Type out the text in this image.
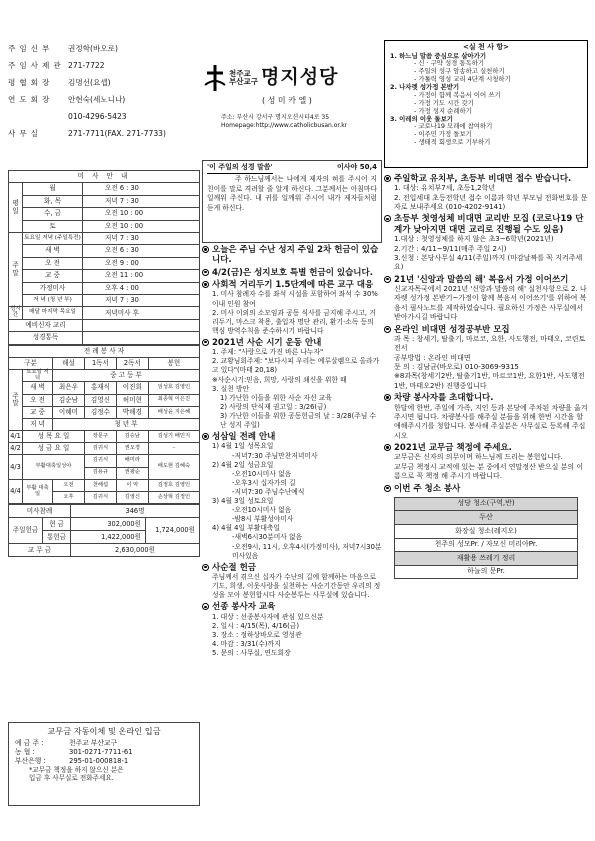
주임신부	권정학(바오로)
주임사제관 271-7722
평협회장	김명선(요셉)
연도회장	안현숙(세노니나)
010-4296-5423
사무실	271-7711(FAX. 271-7733)
천주교
부산교구 명지성당
( 성 미 카 엘 )
주소: 부산시 강서구 명지오션시티4로 35
Homepage:http://www.catholicbusan.or.kr
<실 천 사 항>
1. 하느님 말씀 중심으로 살아가기
- 신 · 구약 성경 통독하기
- 주일의 성구 암송하고 실천하기
- 가톨릭 영성 교리 4단계 시청하기
2. 나자렛 성가정 본받기
- 가정이 함께 복음서 이어 쓰기
- 가정 기도 시간 갖기
- 가정 성지 순례하기
3. 이레의 이웃 돌보기
- 코로나19 모래에 참여하기
- 이주민 가정 돌보기
- 생태적 회생으로 기부하기
미 사 안 내		
평일	월	오전 6 : 30
	화, 목	저녁 7 : 30
	수, 금	오전 10 : 00
	토	오전 10 : 00
주말	토요일 저녁 (주일특전)	저녁 7 : 30
	새 벽	오전 6 : 30
	오 전	오전 9 : 00
	교 중	오전 11 : 00
	가정미사	오후 4 : 00
	저 녁 (청 년 부)	저녁 7 : 30
성시간	매달 마지막 목요일	저녁미사 후
예비신자 교리		
성경통독		
전 례 봉 사 자					
구분		해설	1독서	2독서	봉헌
주말	토요일 저 녁	중 고 등 부			
	새 벽	최은우	홍재식	이진희	임성호 김영인
	오 전	김순남	김영신	허미현	최종혁 이은진
	교 중	이혜미	김정수	박해경	배성윤 지은혜
	저 녁	청 년 부			
4/1	성 목 요 일		장문구	김승남	김성기 배민지
4/2	성 금 요 일		김귀식	권오경	-
4/3	부활대축일성야		김귀식	배미라	배도현 김혜숙
			김용규	권광순	
4/4	부활 대축일	오전	천해섭	이 악	김정호 김영인
		오후	김귀식	김영신	손상혁 김정인
미사참례		346명	
주일헌금	현 금	302,000원	1,724,000원
	통헌금	1,422,000원	
교 무 금		2,630,000원	
교무금 자동이체 및 온라인 입금
예 금 주 :	천주교 부산교구
농 협 :	301-0271-7711-61
부산은행 :	295-01-000818-1
*교무금 책정을 하지 않으신 분은
입금 후 사무실로 전화주세요.
'이 주일의 성경 말씀'	이사야 50,4
주 하느님께서는 나에게 제자의 혀를 주시어 지친이를 말로 격려할 줄 알게 하신다. 그분께서는 아침마다 일깨워 주신다. 내 귀를 일깨워 주시어 내가 제자들처럼 듣게 하신다.
오늘은 주님 수난 성지 주일 2차 헌금이 있습니다.
4/2(금)은 성지보호 특별 헌금이 있습니다.
사회적 거리두기 1.5단계에 따른 교구 대응
1. 미사 참례자 수를 좌석 시설을 포함하여 좌석 수 30% 이내 인원 참여
2. 미사 이외의 소모임과 공동 식사를 금지해 주시고, 거리두기, 마스크 착용, 출입자 명단 관리, 환기·소독 등의 핵심 방역수칙을 준수하시기 바랍니다
2021년 사순 시기 운동 안내
1. 주제: "사랑으로 가진 바른 나누자"
2. 교황님회주제: "보다시피 우리는 예루살렘으로 올라가고 있다"(마태 20,18)
※사순시기:믿음, 희망, 사랑의 쇄신을 위한 때
3. 실천 방안
1) 가난한 이들을 위한 사순 자선 교육
2) 사랑의 단식재 권고일 : 3/26(금)
3) 가난한 이들을 위한 공동헌금의 날 : 3/28(주님 수난 성지 주일)
성삼일 전례 안내
1) 4월 1일 성목요일
-저녁7:30 주님만찬저녁미사
2) 4월 2일 성금요일
-오전10시미사 없음
-오후3시 십자가의 길
-저녁7:30 주님수난예식
3) 4월 3일 성토요일
-오전10시미사 없음
-밤8시 부활성야미사
4) 4월 4일 부활대축일
-새벽6시30분미사 없음
-오전9시, 11시, 오후4시(가정미사), 저녁7시30분 미사있음
사순절 헌금
주님께서 겪으신 십자가 수난의 길에 함께하는 마음으로 기도, 희생, 이웃사랑을 실천하는 사순기간동안 우리의 정성을 모아 봉헌합시다 사순봉투는 사무실에 있습니다.
선종 봉사자 교육
1. 대상 : 선종봉사자에 관심 있으신분
2. 일시 : 4/15(목), 4/16(금)
3. 장소 : 정하상바오로 영성관
4. 마감 : 3/31(수)까지
5. 문의 : 사무실, 연도회장
주일학교 유치부, 초등부 비대면 접수 받습니다.
1. 대상: 유치부7세, 초등1,2학년
2. 전입세대 초등전학년 접수 이름과 학년 부모님 전화번호를 문자로 보내주세요 (010-4202-9141)
초등부 첫영성체 비대면 교리반 모집 (코로나19 단계가 낮아지면 대면 교리로 진행될 수도 있음)
1.대상 : 첫영성체를 하지 않은 초3~6학년(2021년)
2.기간 : 4/11~9/11(매주 주일 2시)
3.신청 : 본당사무실 4/11(주일)까지 (마감날짜를 꼭 지켜주세요)
21년 '신앙과 말씀의 해' 복음서 가정 이어쓰기
신교자목국에서 2021년 '신앙과 말씀의 해' 실천사항으로 2. 나자렛 성가정 본받기~가정이 함께 복음서 이어쓰기'를 위하여 복음서 필사노트를 제작하였습니다. 필요하신 가정은 사무실에서 받아가시길 바랍니다
온라인 비대면 성경공부반 모집
과 목 : 창세기, 탈출기, 마르코, 요한, 사도행전, 마태오, 코린토전서
공부방법 : 온라인 비대면
문 의 : 김남균(바오로) 010-3069-9315
※8과목(창세기2반, 탈출기1반, 마르코1반, 요한1반, 사도행전1반, 마태오2반) 진행중입니다
차량 봉사자를 초대합니다.
한달에 한번, 주일에 가족, 지인 등과 본당에 주차된 차량을 옮겨 주시면 됩니다. 차량봉사를 해주실 분들을 위해 한번 시간을 할애해주시기를 청합니다. 봉사해 주실분은 사무실로 등록해 주십시오
2021년 교무금 책정에 주세요.
교무금은 신자의 의무이며 하느님께 드리는 봉헌입니다.
교무금 책정시 교적에 있는 분 중에서 연말정산 받으실 분의 이름으로 꼭 책정 해 주시기 바랍니다.
이번 주 청소 봉사
성당 청소(구역,반)
두산
화장실 청소(레지오)
천주의 성모Pr. / 자모신 미리아Pr.
재활용 쓰레기 정리
하늘의 문Pr.
